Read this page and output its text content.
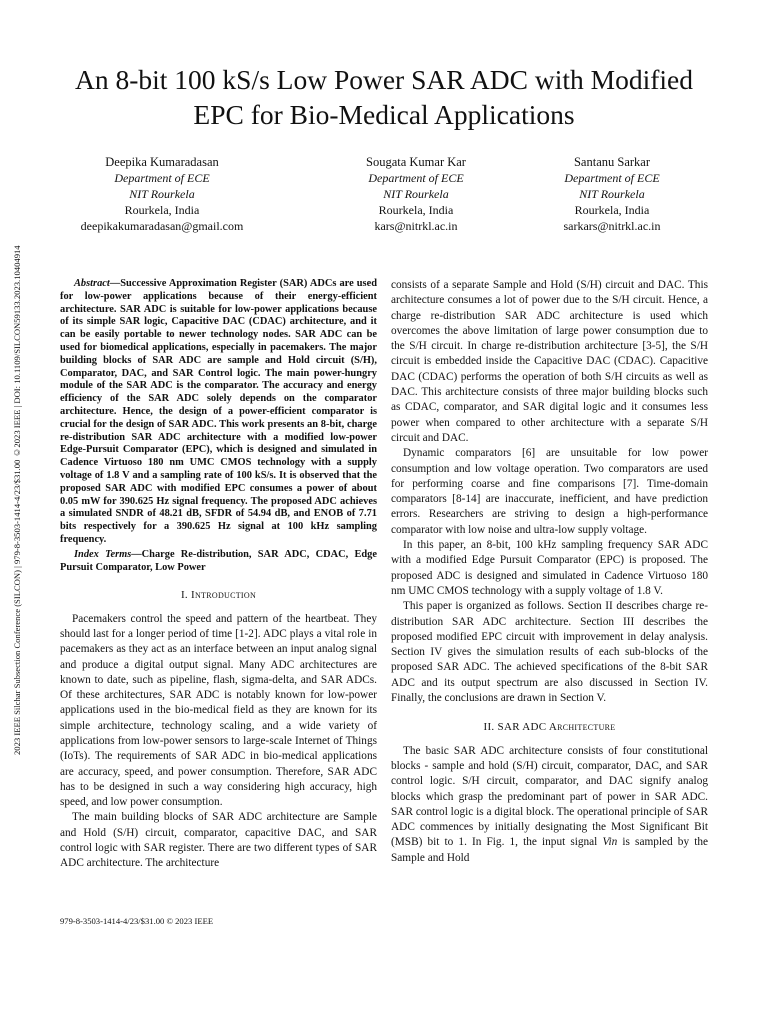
2023 IEEE Silchar Subsection Conference (SILCON) | 979-8-3503-1414-4/23/$31.00 ©2023 IEEE | DOI: 10.1109/SILCON59133.2023.10404914
An 8-bit 100 kS/s Low Power SAR ADC with Modified EPC for Bio-Medical Applications
Deepika Kumaradasan
Department of ECE
NIT Rourkela
Rourkela, India
deepikakumaradasan@gmail.com
Sougata Kumar Kar
Department of ECE
NIT Rourkela
Rourkela, India
kars@nitrkl.ac.in
Santanu Sarkar
Department of ECE
NIT Rourkela
Rourkela, India
sarkars@nitrkl.ac.in

Abstract—Successive Approximation Register (SAR) ADCs are used for low-power applications because of their energy-efficient architecture. SAR ADC is suitable for low-power applications because of its simple SAR logic, Capacitive DAC (CDAC) architecture, and it can be easily portable to newer technology nodes. SAR ADC can be used for biomedical applications, especially in pacemakers. The major building blocks of SAR ADC are sample and Hold circuit (S/H), Comparator, DAC, and SAR Control logic. The main power-hungry module of the SAR ADC is the comparator. The accuracy and energy efficiency of the SAR ADC solely depends on the comparator architecture. Hence, the design of a power-efficient comparator is crucial for the design of SAR ADC. This work presents an 8-bit, charge re-distribution SAR ADC architecture with a modified low-power Edge-Pursuit Comparator (EPC), which is designed and simulated in Cadence Virtuoso 180 nm UMC CMOS technology with a supply voltage of 1.8 V and a sampling rate of 100 kS/s. It is observed that the proposed SAR ADC with modified EPC consumes a power of about 0.05 mW for 390.625 Hz signal frequency. The proposed ADC achieves a simulated SNDR of 48.21 dB, SFDR of 54.94 dB, and ENOB of 7.71 bits respectively for a 390.625 Hz signal at 100 kHz sampling frequency.

Index Terms—Charge Re-distribution, SAR ADC, CDAC, Edge Pursuit Comparator, Low Power

I. Introduction

Pacemakers control the speed and pattern of the heartbeat. They should last for a longer period of time [1-2]. ADC plays a vital role in pacemakers as they act as an interface between an input analog signal and produce a digital output signal. Many ADC architectures are known to date, such as pipeline, flash, sigma-delta, and SAR ADCs. Of these architectures, SAR ADC is notably known for low-power applications used in the bio-medical field as they are known for its simple architecture, technology scaling, and a wide variety of applications from low-power sensors to large-scale Internet of Things (IoTs). The requirements of SAR ADC in bio-medical applications are accuracy, speed, and power consumption. Therefore, SAR ADC has to be designed in such a way considering high accuracy, high speed, and low power consumption.

The main building blocks of SAR ADC architecture are Sample and Hold (S/H) circuit, comparator, capacitive DAC, and SAR control logic with SAR register. There are two different types of SAR ADC architecture. The architecture

consists of a separate Sample and Hold (S/H) circuit and DAC. This architecture consumes a lot of power due to the S/H circuit. Hence, a charge re-distribution SAR ADC architecture is used which overcomes the above limitation of large power consumption due to the S/H circuit. In charge re-distribution architecture [3-5], the S/H circuit is embedded inside the Capacitive DAC (CDAC). Capacitive DAC (CDAC) performs the operation of both S/H circuits as well as DAC. This architecture consists of three major building blocks such as CDAC, comparator, and SAR digital logic and it consumes less power when compared to other architecture with a separate S/H circuit and DAC.

Dynamic comparators [6] are unsuitable for low power consumption and low voltage operation. Two comparators are used for performing coarse and fine comparisons [7]. Time-domain comparators [8-14] are inaccurate, inefficient, and have prediction errors. Researchers are striving to design a high-performance comparator with low noise and ultra-low supply voltage.

In this paper, an 8-bit, 100 kHz sampling frequency SAR ADC with a modified Edge Pursuit Comparator (EPC) is proposed. The proposed ADC is designed and simulated in Cadence Virtuoso 180 nm UMC CMOS technology with a supply voltage of 1.8 V.

This paper is organized as follows. Section II describes charge re-distribution SAR ADC architecture. Section III describes the proposed modified EPC circuit with improvement in delay analysis. Section IV gives the simulation results of each sub-blocks of the proposed SAR ADC. The achieved specifications of the 8-bit SAR ADC and its output spectrum are also discussed in Section IV. Finally, the conclusions are drawn in Section V.

II. SAR ADC Architecture

The basic SAR ADC architecture consists of four constitutional blocks - sample and hold (S/H) circuit, comparator, DAC, and SAR control logic. S/H circuit, comparator, and DAC signify analog blocks which grasp the predominant part of power in SAR ADC. SAR control logic is a digital block. The operational principle of SAR ADC commences by initially designating the Most Significant Bit (MSB) bit to 1. In Fig. 1, the input signal Vin is sampled by the Sample and Hold

979-8-3503-1414-4/23/$31.00 © 2023 IEEE
